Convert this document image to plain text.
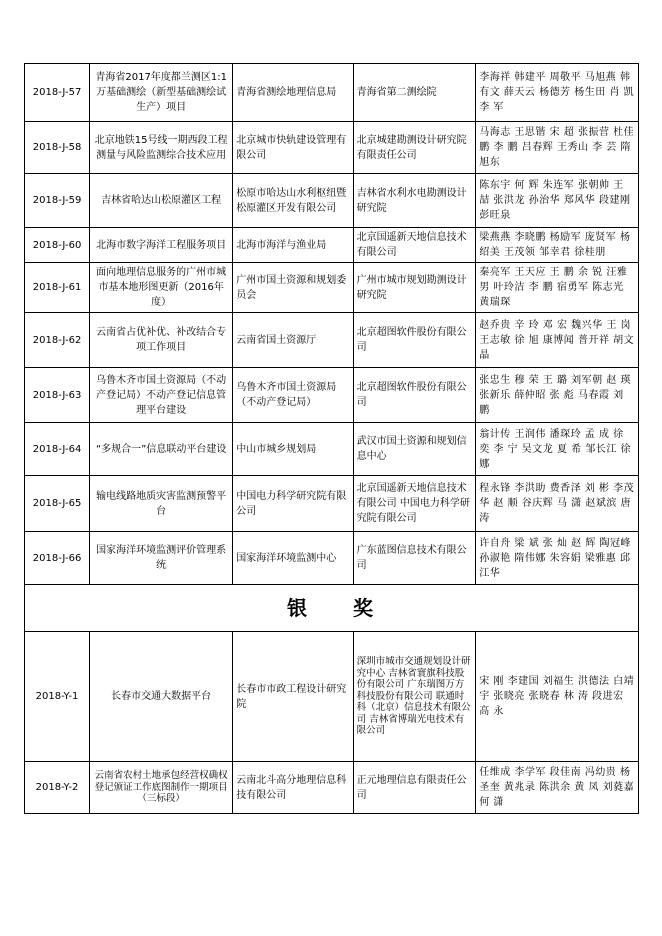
2018-J-57	青海省2017年度都兰测区1:1万基础测绘（新型基础测绘试生产）项目	青海省测绘地理信息局	青海省第二测绘院	李海祥 韩建平 周敬平 马旭燕 韩有文 薛天云 杨德芳 杨生田 肖 凯 李 军
2018-J-58	北京地铁15号线一期西段工程测量与风险监测综合技术应用	北京城市快轨建设管理有限公司	北京城建勘测设计研究院有限责任公司	马海志 王思锴 宋 超 张振营 杜佳鹏 李 鹏 吕春辉 王秀山 李 芸 隋旭东
2018-J-59	吉林省哈达山松原灌区工程	松原市哈达山水利枢纽暨松原灌区开发有限公司	吉林省水利水电勘测设计研究院	陈东宇 何 辉 朱连军 张朝帅 王 喆 张洪龙 孙治华 郑风华 段建刚 彭旺泉
2018-J-60	北海市数字海洋工程服务项目	北海市海洋与渔业局	北京国遥新天地信息技术有限公司	梁燕燕 李晓鹏 杨励军 庞贤军 杨绍美 王茂领 邹幸君 徐桂朋
2018-J-61	面向地理信息服务的广州市城市基本地形图更新（2016年度）	广州市国土资源和规划委员会	广州市城市规划勘测设计研究院	秦亮军 王天应 王 鹏 余 锐 汪雅男 叶玲洁 李 鹏 宿勇军 陈志光 黄瑞琛
2018-J-62	云南省占优补优、补改结合专项工作项目	云南省国土资源厅	北京超图软件股份有限公司	赵乔贵 辛 玲 邓 宏 魏兴华 王 岗 王志敏 徐 旭 康博闻 普开祥 胡文晶
2018-J-63	乌鲁木齐市国土资源局（不动产登记局）不动产登记信息管理平台建设	乌鲁木齐市国土资源局（不动产登记局）	北京超图软件股份有限公司	张忠生 穆 荣 王 璐 刘军朝 赵 瑛 张新乐 薛仲昭 张 彪 马春霞 刘 鹏
2018-J-64	“多规合一”信息联动平台建设	中山市城乡规划局	武汉市国土资源和规划信息中心	翁计传 王润伟 潘琛玲 孟 成 徐 奕 李 宁 吴文龙 夏 希 邹长江 徐 娜
2018-J-65	输电线路地质灾害监测预警平台	中国电力科学研究院有限公司	北京国遥新天地信息技术有限公司 中国电力科学研究院有限公司	程永锋 李洪助 费香泽 刘 彬 李茂华 赵 顺 谷庆辉 马 潇 赵斌滨 唐 涛
2018-J-66	国家海洋环境监测评价管理系统	国家海洋环境监测中心	广东蓝图信息技术有限公司	许自舟 梁 斌 张 灿 赵 辉 陶冠峰 孙淑艳 隋伟娜 朱容娟 梁雅惠 邱江华
银奖				
2018-Y-1	长春市交通大数据平台	长春市市政工程设计研究院	深圳市城市交通规划设计研究中心 吉林省寰旗科技股份有限公司 广东瑞图万方科技股份有限公司 联通时科（北京）信息技术有限公司 吉林省博瑞光电技术有限公司	宋 刚 李建国 刘福生 洪德法 白靖宇 张晓亮 张晓春 林 涛 段进宏 高 永
2018-Y-2	云南省农村土地承包经营权确权登记颁证工作底图制作一期项目（三标段）	云南北斗高分地理信息科技有限公司	正元地理信息有限责任公司	任维成 李学军 段佳南 冯幼贵 杨圣奎 黄兆录 陈洪余 黄 凤 刘蕤嘉 何 潇
